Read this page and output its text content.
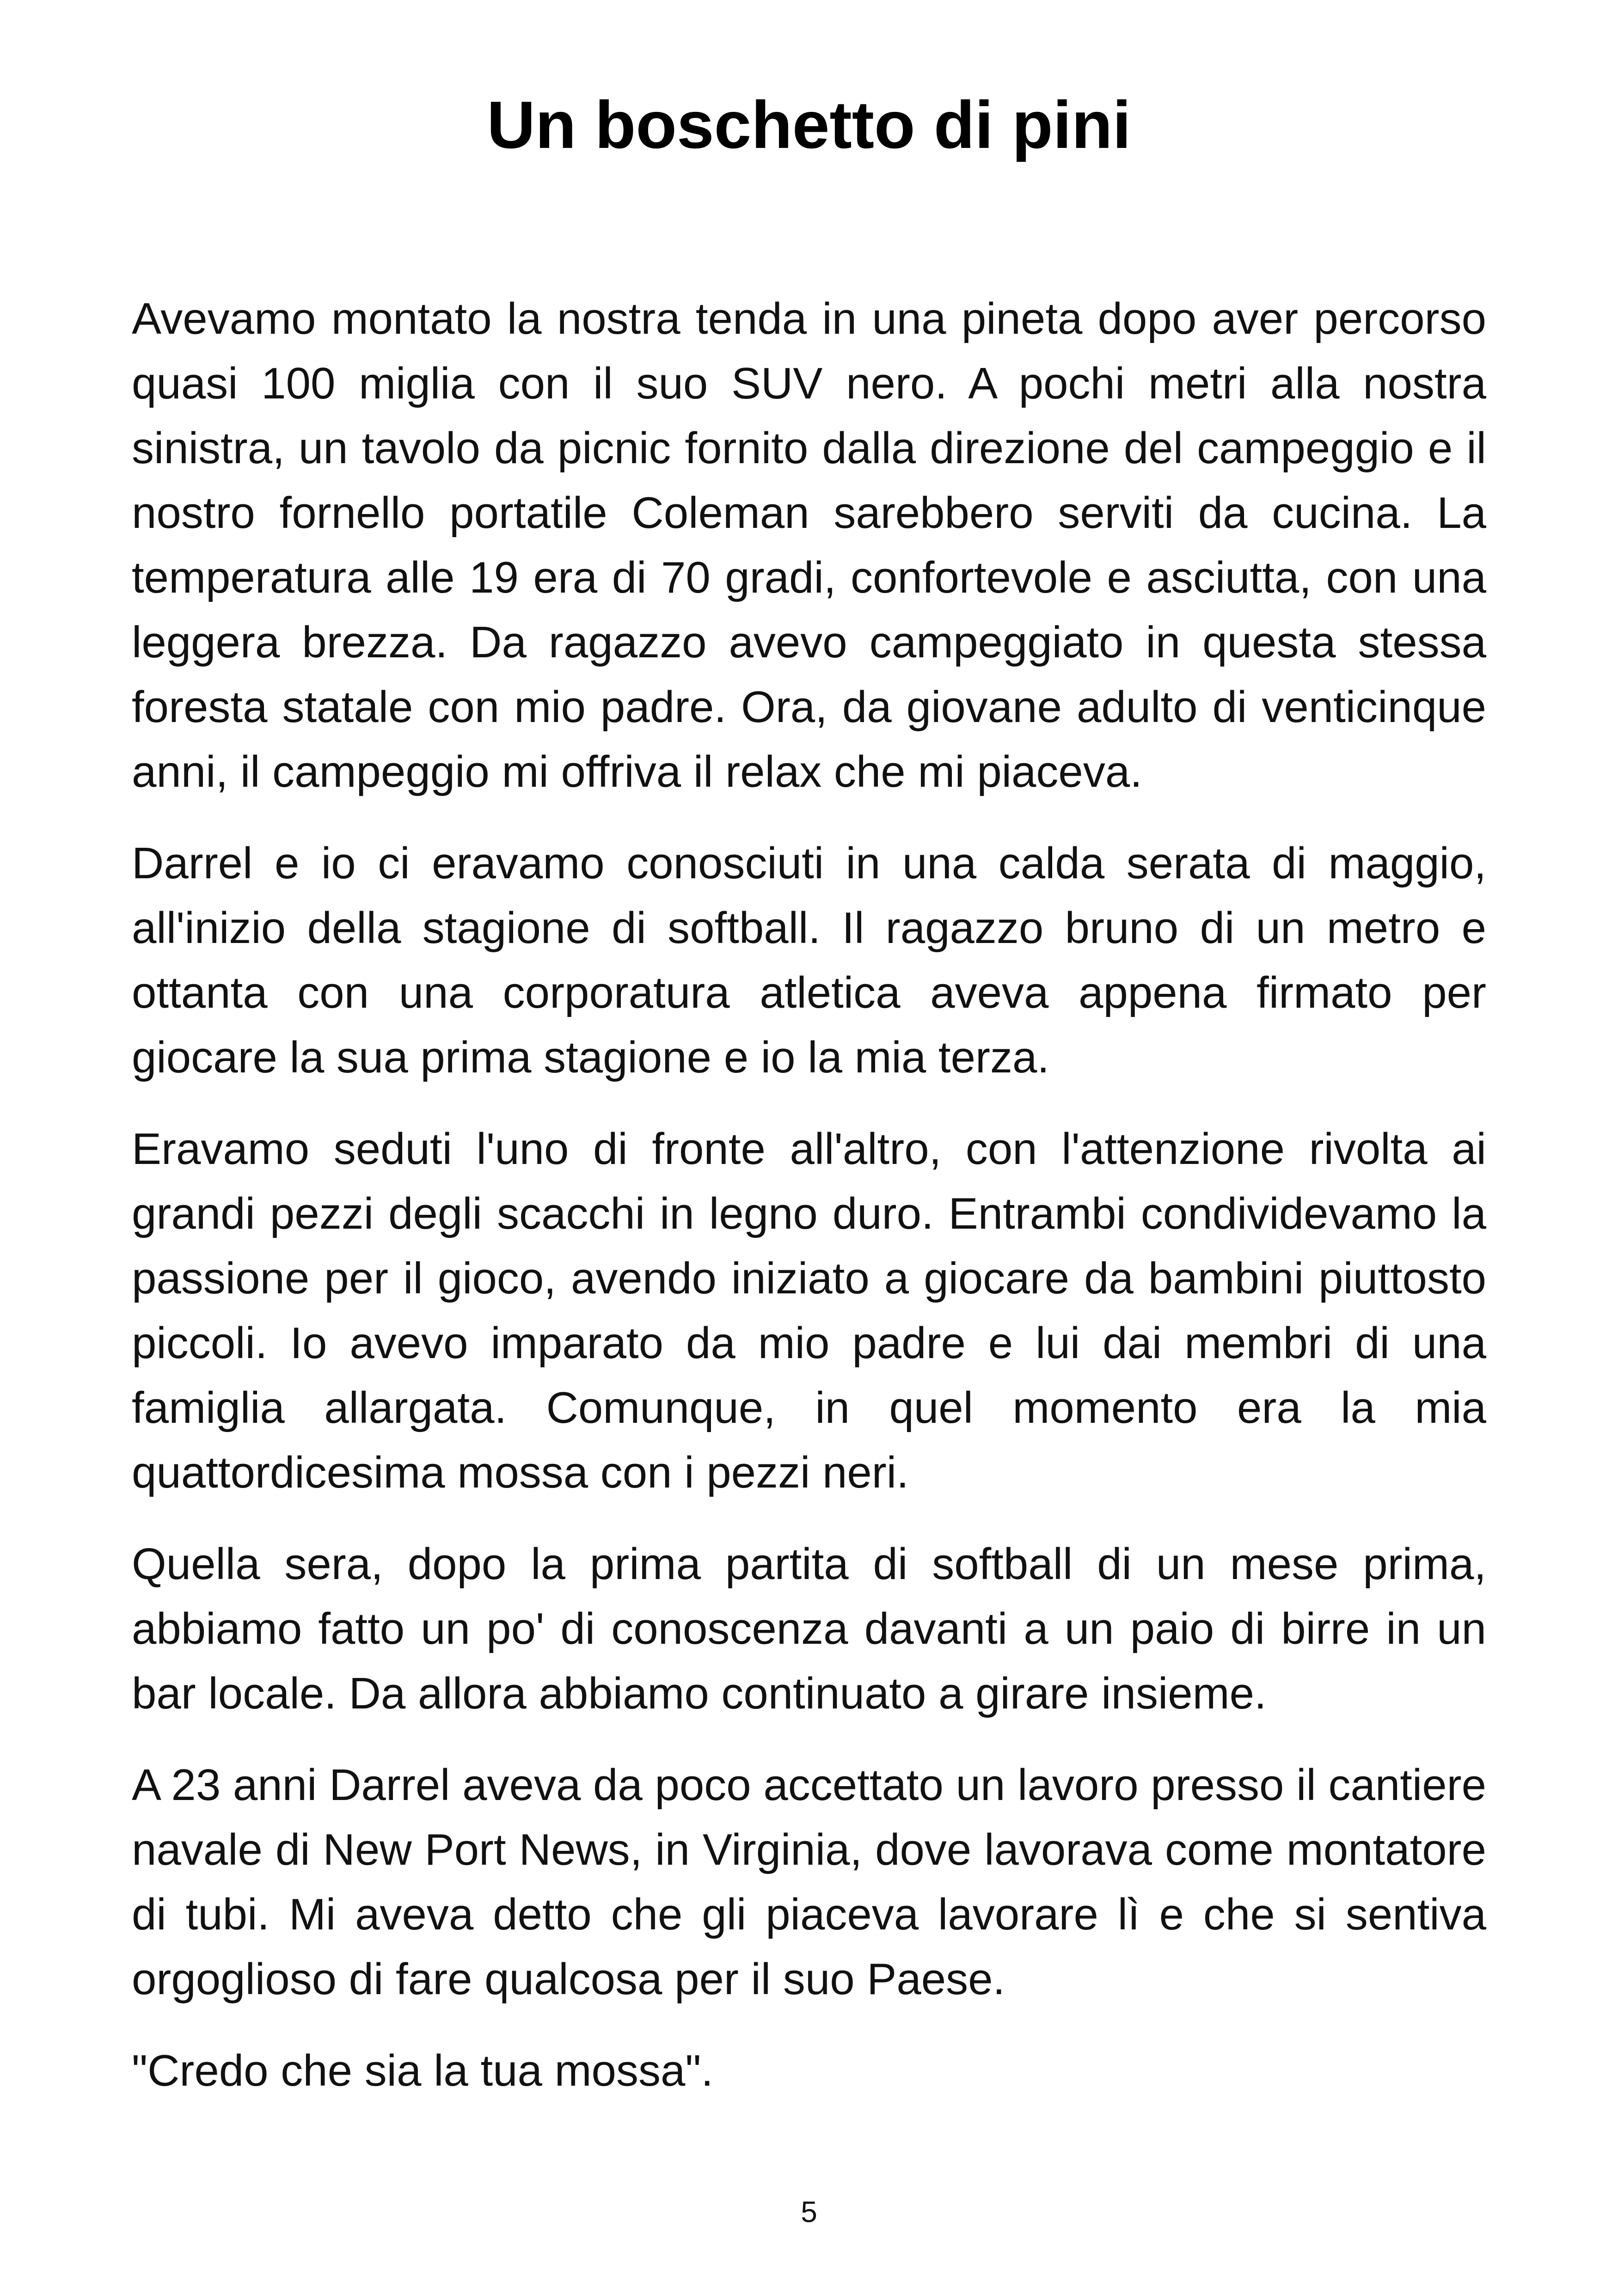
Un boschetto di pini

Avevamo montato la nostra tenda in una pineta dopo aver percorso quasi 100 miglia con il suo SUV nero. A pochi metri alla nostra sinistra, un tavolo da picnic fornito dalla direzione del campeggio e il nostro fornello portatile Coleman sarebbero serviti da cucina. La temperatura alle 19 era di 70 gradi, confortevole e asciutta, con una leggera brezza. Da ragazzo avevo campeggiato in questa stessa foresta statale con mio padre. Ora, da giovane adulto di venticinque anni, il campeggio mi offriva il relax che mi piaceva.

Darrel e io ci eravamo conosciuti in una calda serata di maggio, all'inizio della stagione di softball. Il ragazzo bruno di un metro e ottanta con una corporatura atletica aveva appena firmato per giocare la sua prima stagione e io la mia terza.

Eravamo seduti l'uno di fronte all'altro, con l'attenzione rivolta ai grandi pezzi degli scacchi in legno duro. Entrambi condividevamo la passione per il gioco, avendo iniziato a giocare da bambini piuttosto piccoli. Io avevo imparato da mio padre e lui dai membri di una famiglia allargata. Comunque, in quel momento era la mia quattordicesima mossa con i pezzi neri.

Quella sera, dopo la prima partita di softball di un mese prima, abbiamo fatto un po' di conoscenza davanti a un paio di birre in un bar locale. Da allora abbiamo continuato a girare insieme.

A 23 anni Darrel aveva da poco accettato un lavoro presso il cantiere navale di New Port News, in Virginia, dove lavorava come montatore di tubi. Mi aveva detto che gli piaceva lavorare lì e che si sentiva orgoglioso di fare qualcosa per il suo Paese.

"Credo che sia la tua mossa".

5
